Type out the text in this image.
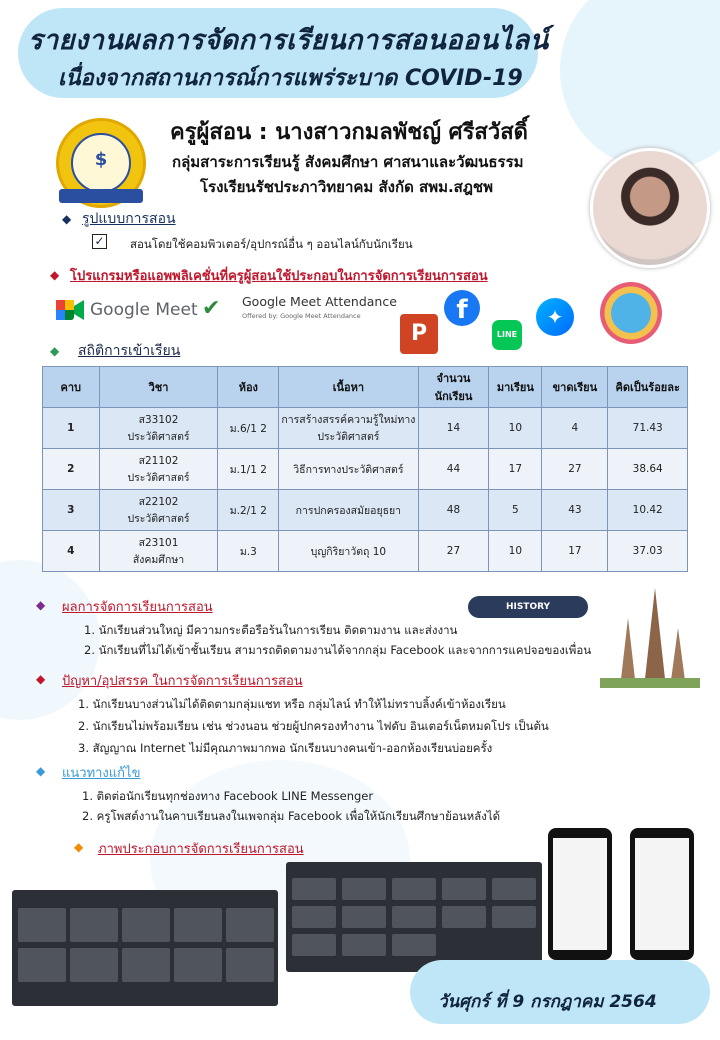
รายงานผลการจัดการเรียนการสอนออนไลน์
เนื่องจากสถานการณ์การแพร่ระบาด COVID-19
$
ครูผู้สอน : นางสาวกมลพัชญ์ ศรีสวัสดิ์
กลุ่มสาระการเรียนรู้ สังคมศึกษา ศาสนาและวัฒนธรรม
โรงเรียนรัชประภาวิทยาคม สังกัด สพม.สฎชพ
◆ รูปแบบการสอน
✓ สอนโดยใช้คอมพิวเตอร์/อุปกรณ์อื่น ๆ ออนไลน์กับนักเรียน
◆ โปรแกรมหรือแอพพลิเคชั่นที่ครูผู้สอนใช้ประกอบในการจัดการเรียนการสอน
Google Meet ✔ Google Meet Attendance
Offered by: Google Meet Attendance	f
P	LINE
✦
◆ สถิติการเข้าเรียน
คาบ	วิชา	ห้อง	เนื้อหา	จำนวนนักเรียน	มาเรียน	ขาดเรียน	คิดเป็นร้อยละ
1	ส33102
ประวัติศาสตร์	ม.6/1 2	การสร้างสรรค์ความรู้ใหม่ทางประวัติศาสตร์	14	10	4	71.43
2	ส21102
ประวัติศาสตร์	ม.1/1 2	วิธีการทางประวัติศาสตร์	44	17	27	38.64
3	ส22102
ประวัติศาสตร์	ม.2/1 2	การปกครองสมัยอยุธยา	48	5	43	10.42
4	ส23101
สังคมศึกษา	ม.3	บุญกิริยาวัตถุ 10	27	10	17	37.03
◆ ผลการจัดการเรียนการสอน
1. นักเรียนส่วนใหญ่ มีความกระตือรือร้นในการเรียน ติดตามงาน และส่งงาน
2. นักเรียนที่ไม่ได้เข้าชั้นเรียน สามารถติดตามงานได้จากกลุ่ม Facebook และจากการแคปจอของเพื่อน
HISTORY
◆ ปัญหา/อุปสรรค ในการจัดการเรียนการสอน
1. นักเรียนบางส่วนไม่ได้ติดตามกลุ่มแชท หรือ กลุ่มไลน์ ทำให้ไม่ทราบลิ้งค์เข้าห้องเรียน
2. นักเรียนไม่พร้อมเรียน เช่น ช่วงนอน ช่วยผู้ปกครองทำงาน ไฟดับ อินเตอร์เน็ตหมดโปร เป็นต้น
3. สัญญาณ Internet ไม่มีคุณภาพมากพอ นักเรียนบางคนเข้า-ออกห้องเรียนบ่อยครั้ง
◆ แนวทางแก้ไข
1. ติดต่อนักเรียนทุกช่องทาง Facebook LINE Messenger
2. ครูโพสต์งานในคาบเรียนลงในเพจกลุ่ม Facebook เพื่อให้นักเรียนศึกษาย้อนหลังได้
◆ ภาพประกอบการจัดการเรียนการสอน
วันศุกร์ ที่ 9 กรกฎาคม 2564
